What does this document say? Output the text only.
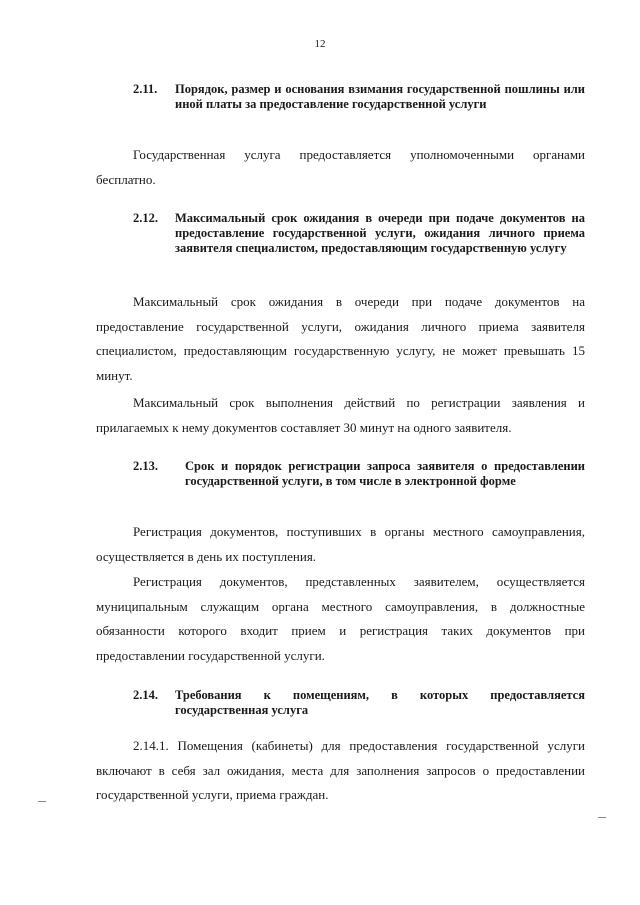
12
2.11.	Порядок, размер и основания взимания государственной пошлины или иной платы за предоставление государственной услуги

Государственная услуга предоставляется уполномоченными органами бесплатно.

2.12.	Максимальный срок ожидания в очереди при подаче документов на предоставление государственной услуги, ожидания личного приема заявителя специалистом, предоставляющим государственную услугу

Максимальный срок ожидания в очереди при подаче документов на предоставление государственной услуги, ожидания личного приема заявителя специалистом, предоставляющим государственную услугу, не может превышать 15 минут.

Максимальный срок выполнения действий по регистрации заявления и прилагаемых к нему документов составляет 30 минут на одного заявителя.

2.13.	Срок и порядок регистрации запроса заявителя о предоставлении государственной услуги, в том числе в электронной форме

Регистрация документов, поступивших в органы местного самоуправления, осуществляется в день их поступления.

Регистрация документов, представленных заявителем, осуществляется муниципальным служащим органа местного самоуправления, в должностные обязанности которого входит прием и регистрация таких документов при предоставлении государственной услуги.

2.14.	Требования к помещениям, в которых предоставляется государственная услуга

2.14.1. Помещения (кабинеты) для предоставления государственной услуги включают в себя зал ожидания, места для заполнения запросов о предоставлении государственной услуги, приема граждан.
